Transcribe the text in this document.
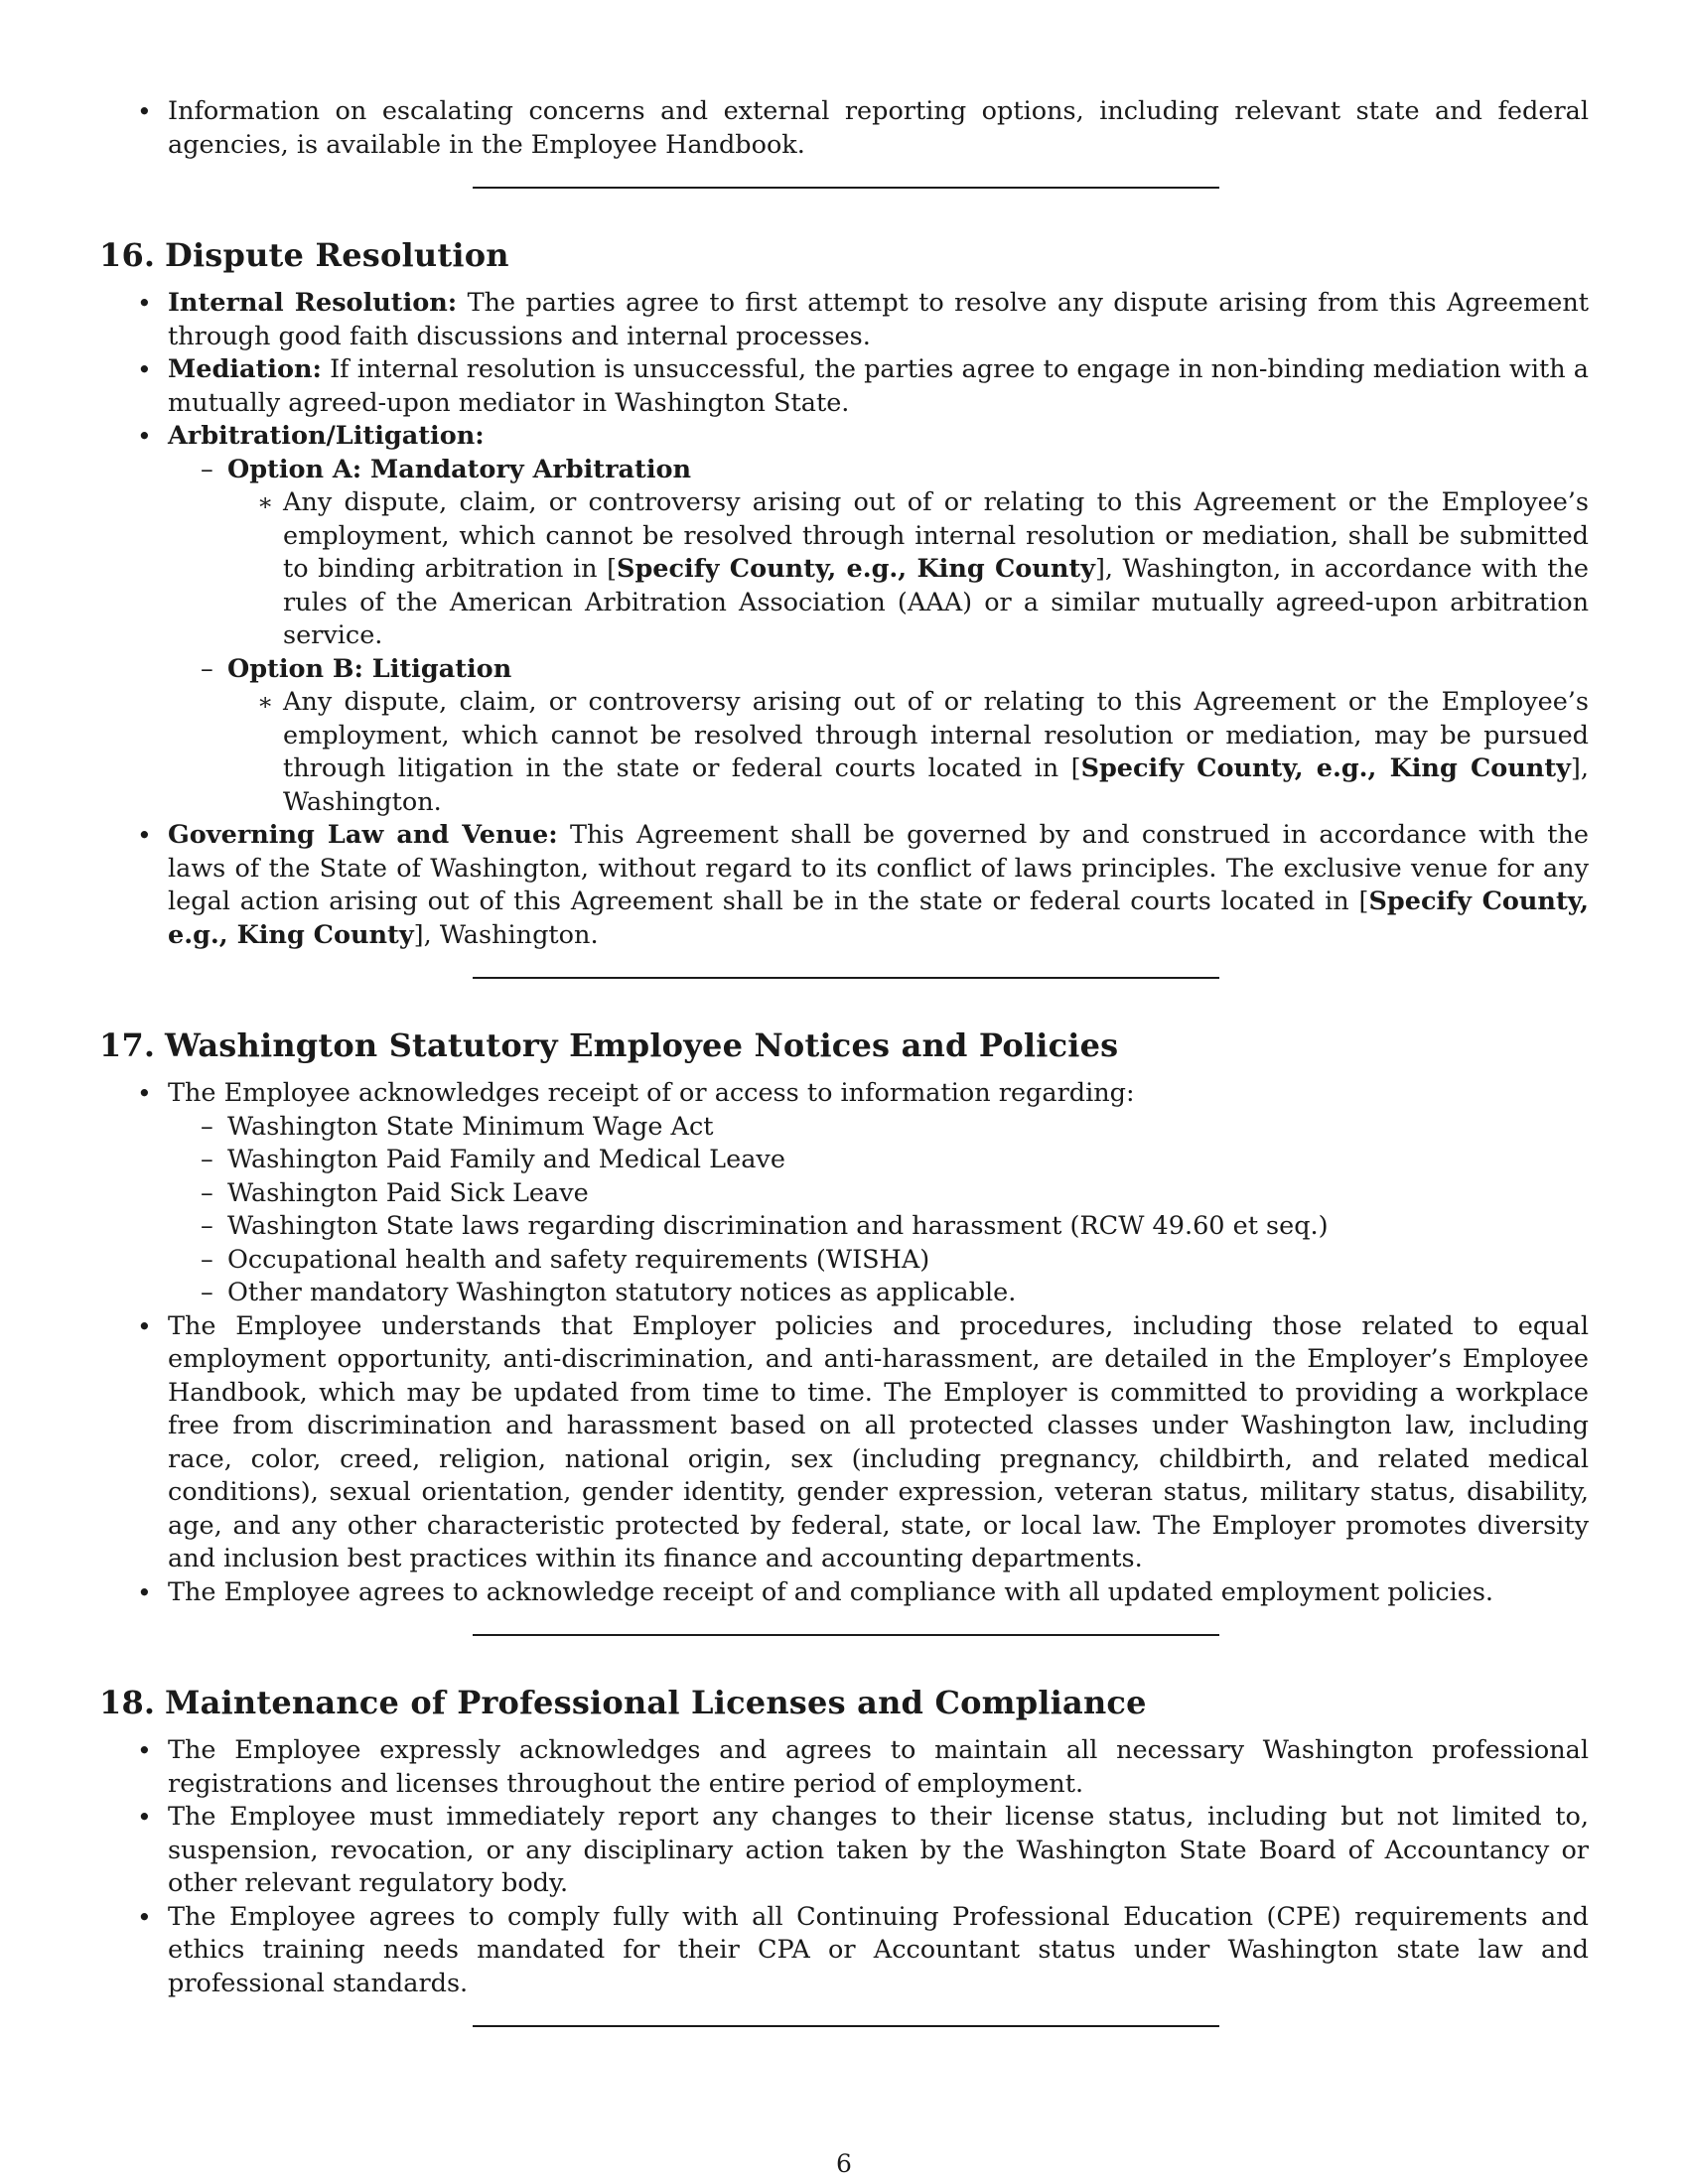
• Information on escalating concerns and external reporting options, including relevant state and federal agencies, is available in the Employee Handbook.
16. Dispute Resolution
• Internal Resolution: The parties agree to first attempt to resolve any dispute arising from this Agreement through good faith discussions and internal processes.
• Mediation: If internal resolution is unsuccessful, the parties agree to engage in non-binding mediation with a mutually agreed-upon mediator in Washington State.
• Arbitration/Litigation:
– Option A: Mandatory Arbitration
∗ Any dispute, claim, or controversy arising out of or relating to this Agreement or the Employee’s employment, which cannot be resolved through internal resolution or mediation, shall be submitted to binding arbitration in [Specify County, e.g., King County], Washington, in accordance with the rules of the American Arbitration Association (AAA) or a similar mutually agreed-upon arbitration service.
– Option B: Litigation
∗ Any dispute, claim, or controversy arising out of or relating to this Agreement or the Employee’s employment, which cannot be resolved through internal resolution or mediation, may be pursued through litigation in the state or federal courts located in [Specify County, e.g., King County], Washington.
• Governing Law and Venue: This Agreement shall be governed by and construed in accordance with the laws of the State of Washington, without regard to its conflict of laws principles. The exclusive venue for any legal action arising out of this Agreement shall be in the state or federal courts located in [Specify County, e.g., King County], Washington.
17. Washington Statutory Employee Notices and Policies
• The Employee acknowledges receipt of or access to information regarding:
– Washington State Minimum Wage Act
– Washington Paid Family and Medical Leave
– Washington Paid Sick Leave
– Washington State laws regarding discrimination and harassment (RCW 49.60 et seq.)
– Occupational health and safety requirements (WISHA)
– Other mandatory Washington statutory notices as applicable.
• The Employee understands that Employer policies and procedures, including those related to equal employment opportunity, anti-discrimination, and anti-harassment, are detailed in the Employer’s Employee Handbook, which may be updated from time to time. The Employer is committed to providing a workplace free from discrimination and harassment based on all protected classes under Washington law, including race, color, creed, religion, national origin, sex (including pregnancy, childbirth, and related medical conditions), sexual orientation, gender identity, gender expression, veteran status, military status, disability, age, and any other characteristic protected by federal, state, or local law. The Employer promotes diversity and inclusion best practices within its finance and accounting departments.
• The Employee agrees to acknowledge receipt of and compliance with all updated employment policies.
18. Maintenance of Professional Licenses and Compliance
• The Employee expressly acknowledges and agrees to maintain all necessary Washington professional registrations and licenses throughout the entire period of employment.
• The Employee must immediately report any changes to their license status, including but not limited to, suspension, revocation, or any disciplinary action taken by the Washington State Board of Accountancy or other relevant regulatory body.
• The Employee agrees to comply fully with all Continuing Professional Education (CPE) requirements and ethics training needs mandated for their CPA or Accountant status under Washington state law and professional standards.
6
